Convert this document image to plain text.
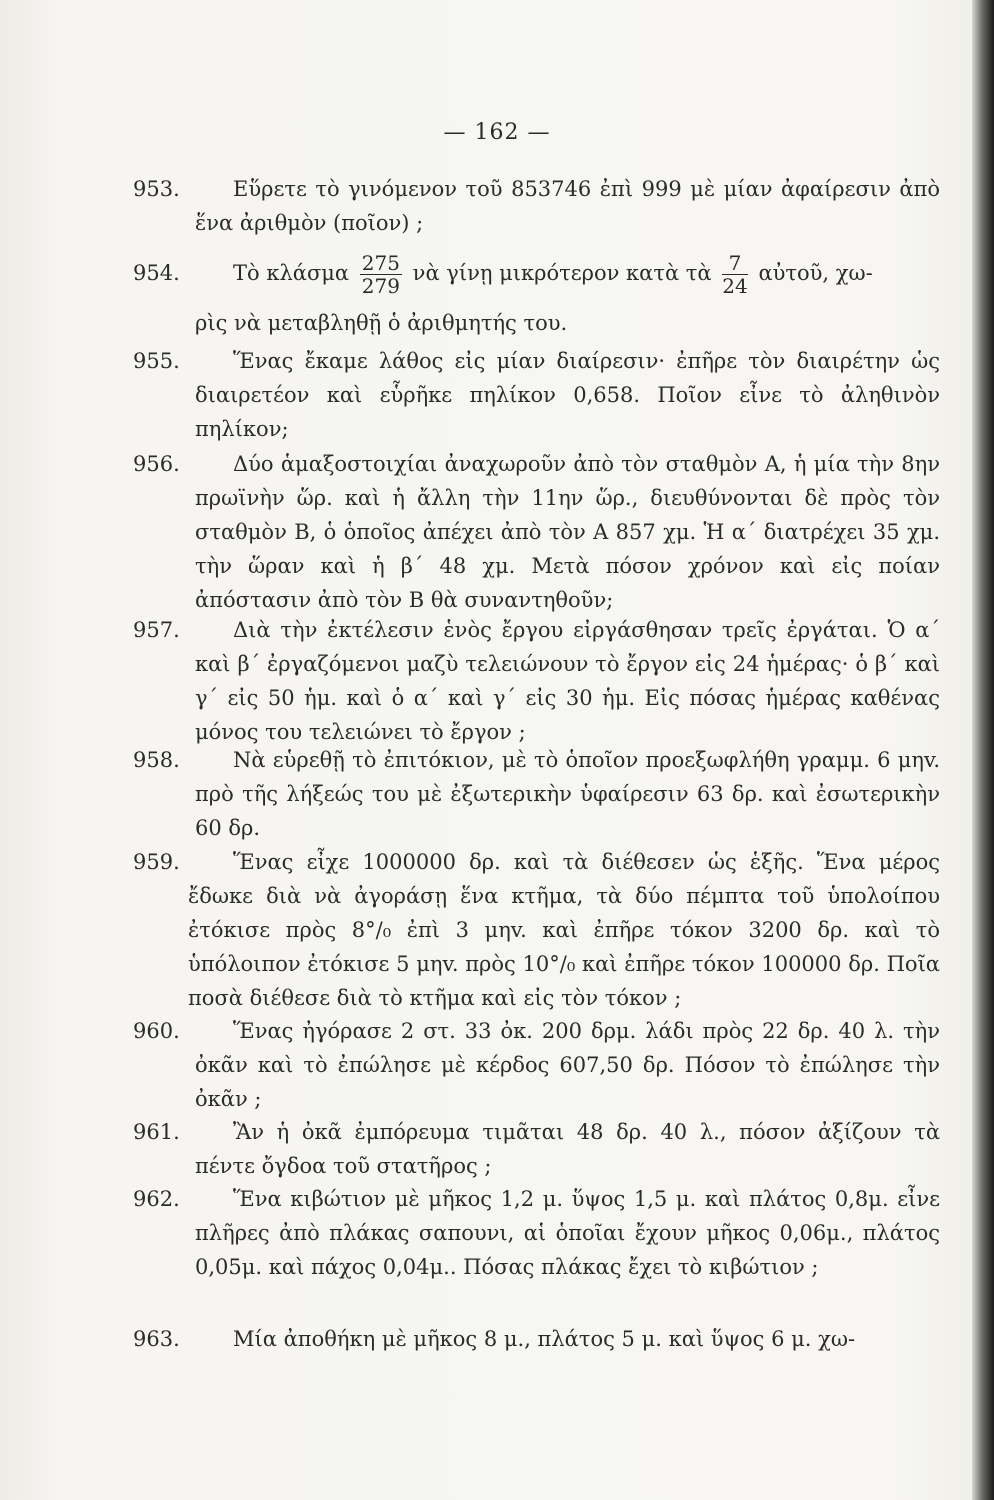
— 162 —
953.	Εὕρετε τὸ γινόμενον τοῦ 853746 ἐπὶ 999 μὲ μίαν ἀφαίρεσιν ἀπὸ ἕνα ἀριθμὸν (ποῖον) ;

954.	Τὸ κλάσμα $\frac{275}{279}$ νὰ γίνῃ μικρότερον κατὰ τὰ $\frac{7}{24}$ αὐτοῦ, χω-

ρὶς νὰ μεταβληθῇ ὁ ἀριθμητής του.

955.	Ἕνας ἔκαμε λάθος εἰς μίαν διαίρεσιν· ἐπῆρε τὸν διαιρέτην ὡς διαιρετέον καὶ εὗρῆκε πηλίκον 0,658. Ποῖον εἶνε τὸ ἀληθινὸν πηλίκον;

956.	Δύο ἁμαξοστοιχίαι ἀναχωροῦν ἀπὸ τὸν σταθμὸν Α, ἡ μία τὴν 8ην πρωϊνὴν ὥρ. καὶ ἡ ἄλλη τὴν 11ην ὥρ., διευθύνονται δὲ πρὸς τὸν σταθμὸν Β, ὁ ὁποῖος ἀπέχει ἀπὸ τὸν Α 857 χμ. Ἡ α΄ διατρέχει 35 χμ. τὴν ὥραν καὶ ἡ β΄ 48 χμ. Μετὰ πόσον χρόνον καὶ εἰς ποίαν ἀπόστασιν ἀπὸ τὸν Β θὰ συναντηθοῦν;

957.	Διὰ τὴν ἐκτέλεσιν ἑνὸς ἔργου εἰργάσθησαν τρεῖς ἐργάται. Ὁ α΄ καὶ β΄ ἐργαζόμενοι μαζὺ τελειώνουν τὸ ἔργον εἰς 24 ἡμέρας· ὁ β΄ καὶ γ΄ εἰς 50 ἡμ. καὶ ὁ α΄ καὶ γ΄ εἰς 30 ἡμ. Εἰς πόσας ἡμέρας καθένας μόνος του τελειώνει τὸ ἔργον ;

958.	Νὰ εὑρεθῇ τὸ ἐπιτόκιον, μὲ τὸ ὁποῖον προεξωφλήθη γραμμ. 6 μηv. πρὸ τῆς λήξεώς του μὲ ἐξωτερικὴν ὑφαίρεσιν 63 δρ. καὶ ἐσωτερικὴν 60 δρ.

959.	Ἕνας εἶχε 1000000 δρ. καὶ τὰ διέθεσεν ὡς ἑξῆς. Ἕνα μέρος ἔδωκε διὰ νὰ ἀγοράσῃ ἕνα κτῆμα, τὰ δύο πέμπτα τοῦ ὑπολοίπου ἐτόκισε πρὸς 8°/₀ ἐπὶ 3 μηv. καὶ ἐπῆρε τόκον 3200 δρ. καὶ τὸ ὑπόλοιπον ἐτόκισε 5 μηv. πρὸς 10°/₀ καὶ ἐπῆρε τόκον 100000 δρ. Ποῖα ποσὰ διέθεσε διὰ τὸ κτῆμα καὶ εἰς τὸν τόκον ;

960.	Ἕνας ἠγόρασε 2 στ. 33 ὀκ. 200 δρμ. λάδι πρὸς 22 δρ. 40 λ. τὴν ὀκᾶν καὶ τὸ ἐπώλησε μὲ κέρδος 607,50 δρ. Πόσον τὸ ἐπώλησε τὴν ὀκᾶν ;

961.	Ἂν ἡ ὀκᾶ ἐμπόρευμα τιμᾶται 48 δρ. 40 λ., πόσον ἀξίζουν τὰ πέντε ὄγδοα τοῦ στατῆρος ;

962.	Ἕνα κιβώτιον μὲ μῆκος 1,2 μ. ὕψος 1,5 μ. καὶ πλάτος 0,8μ. εἶνε πλῆρες ἀπὸ πλάκας σαπουνι, αἱ ὁποῖαι ἔχουν μῆκος 0,06μ., πλάτος 0,05μ. καὶ πάχος 0,04μ.. Πόσας πλάκας ἔχει τὸ κιβώτιον ;

963.	Μία ἀποθήκη μὲ μῆκος 8 μ., πλάτος 5 μ. καὶ ὕψος 6 μ. χω-
